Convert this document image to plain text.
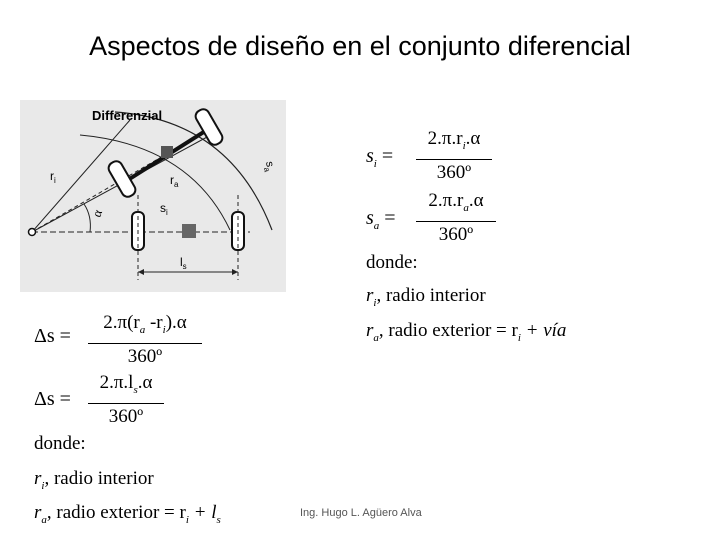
Aspectos de diseño en el conjunto diferencial
Differenzial
$r_i$	$r_a$
$s_i$
$s_a$
α
$l_s$
$s_i = \frac{2.\pi.r_i.\alpha}{\text{360º}}$
$s_a = \frac{2.\pi.r_a.\alpha}{\text{360º}}$
donde:
$r_i$, radio interior
$r_a$, radio exterior = $r_i$ + vía
$\Delta s = \frac{2.\pi(r_a -r_i).\alpha}{\text{360º}}$
$\Delta s = \frac{2.\pi.l_s.\alpha}{\text{360º}}$
donde:
$r_i$, radio interior
$r_a$, radio exterior = $r_i + l_s$
Ing. Hugo L. Agüero Alva
